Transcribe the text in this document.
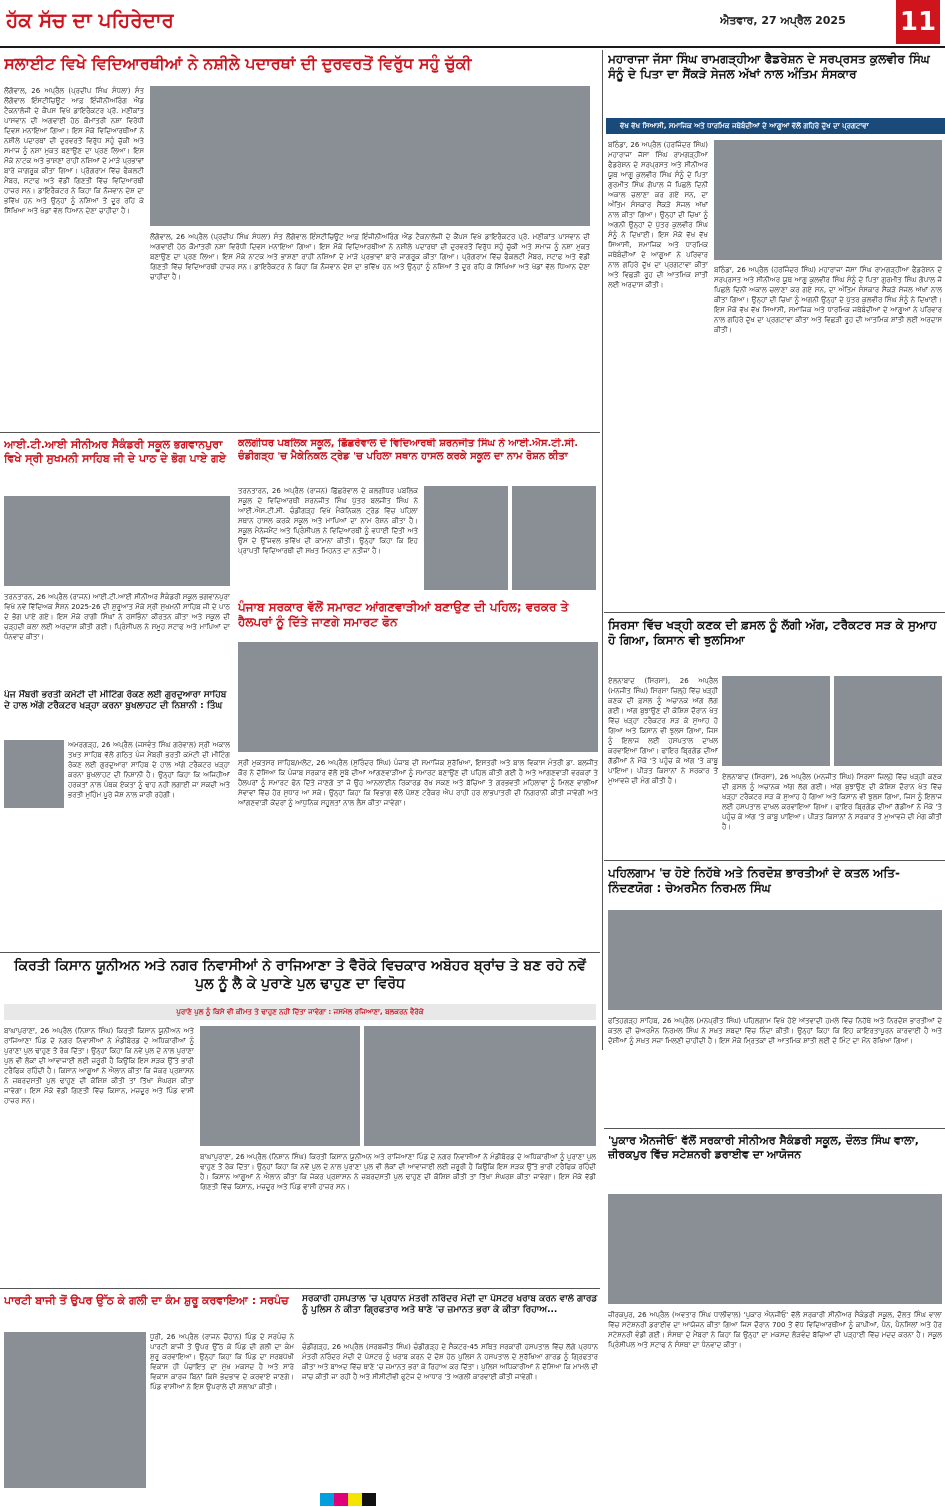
ਹੱਕ ਸੱਚ ਦਾ ਪਹਿਰੇਦਾਰ	ਐਤਵਾਰ, 27 ਅਪ੍ਰੈਲ 2025 11
ਸਲਾਈਟ ਵਿਖੇ ਵਿਦਿਆਰਥੀਆਂ ਨੇ ਨਸ਼ੀਲੇ ਪਦਾਰਥਾਂ ਦੀ ਦੁਰਵਰਤੋਂ ਵਿਰੁੱਧ ਸਹੁੰ ਚੁੱਕੀ
ਲੌਂਗੋਵਾਲ, 26 ਅਪ੍ਰੈਲ (ਪ੍ਰਦੀਪ ਸਿੰਘ ਸੰਧਲਾ) ਸੰਤ ਲੌਂਗੋਵਾਲ ਇੰਸਟੀਚਿਊਟ ਆਫ਼ ਇੰਜੀਨੀਅਰਿੰਗ ਐਂਡ ਟੈਕਨਾਲੋਜੀ ਦੇ ਕੈਂਪਸ ਵਿਖੇ ਡਾਇਰੈਕਟਰ ਪ੍ਰੋ. ਮਣੀਕਾਂਤ ਪਾਸਵਾਨ ਦੀ ਅਗਵਾਈ ਹੇਠ ਕੌਮਾਂਤਰੀ ਨਸ਼ਾ ਵਿਰੋਧੀ ਦਿਵਸ ਮਨਾਇਆ ਗਿਆ। ਇਸ ਮੌਕੇ ਵਿਦਿਆਰਥੀਆਂ ਨੇ ਨਸ਼ੀਲੇ ਪਦਾਰਥਾਂ ਦੀ ਦੁਰਵਰਤੋਂ ਵਿਰੁੱਧ ਸਹੁੰ ਚੁੱਕੀ ਅਤੇ ਸਮਾਜ ਨੂੰ ਨਸ਼ਾ ਮੁਕਤ ਬਣਾਉਣ ਦਾ ਪ੍ਰਣ ਲਿਆ। ਇਸ ਮੌਕੇ ਨਾਟਕ ਅਤੇ ਭਾਸ਼ਣਾਂ ਰਾਹੀਂ ਨਸ਼ਿਆਂ ਦੇ ਮਾੜੇ ਪ੍ਰਭਾਵਾਂ ਬਾਰੇ ਜਾਗਰੂਕ ਕੀਤਾ ਗਿਆ। ਪ੍ਰੋਗਰਾਮ ਵਿੱਚ ਫੈਕਲਟੀ ਮੈਂਬਰ, ਸਟਾਫ ਅਤੇ ਵੱਡੀ ਗਿਣਤੀ ਵਿੱਚ ਵਿਦਿਆਰਥੀ ਹਾਜ਼ਰ ਸਨ। ਡਾਇਰੈਕਟਰ ਨੇ ਕਿਹਾ ਕਿ ਨੌਜਵਾਨ ਦੇਸ਼ ਦਾ ਭਵਿੱਖ ਹਨ ਅਤੇ ਉਨ੍ਹਾਂ ਨੂੰ ਨਸ਼ਿਆਂ ਤੋਂ ਦੂਰ ਰਹਿ ਕੇ ਸਿੱਖਿਆ ਅਤੇ ਖੇਡਾਂ ਵੱਲ ਧਿਆਨ ਦੇਣਾ ਚਾਹੀਦਾ ਹੈ।
ਲੌਂਗੋਵਾਲ, 26 ਅਪ੍ਰੈਲ (ਪ੍ਰਦੀਪ ਸਿੰਘ ਸੰਧਲਾ) ਸੰਤ ਲੌਂਗੋਵਾਲ ਇੰਸਟੀਚਿਊਟ ਆਫ਼ ਇੰਜੀਨੀਅਰਿੰਗ ਐਂਡ ਟੈਕਨਾਲੋਜੀ ਦੇ ਕੈਂਪਸ ਵਿਖੇ ਡਾਇਰੈਕਟਰ ਪ੍ਰੋ. ਮਣੀਕਾਂਤ ਪਾਸਵਾਨ ਦੀ ਅਗਵਾਈ ਹੇਠ ਕੌਮਾਂਤਰੀ ਨਸ਼ਾ ਵਿਰੋਧੀ ਦਿਵਸ ਮਨਾਇਆ ਗਿਆ। ਇਸ ਮੌਕੇ ਵਿਦਿਆਰਥੀਆਂ ਨੇ ਨਸ਼ੀਲੇ ਪਦਾਰਥਾਂ ਦੀ ਦੁਰਵਰਤੋਂ ਵਿਰੁੱਧ ਸਹੁੰ ਚੁੱਕੀ ਅਤੇ ਸਮਾਜ ਨੂੰ ਨਸ਼ਾ ਮੁਕਤ ਬਣਾਉਣ ਦਾ ਪ੍ਰਣ ਲਿਆ। ਇਸ ਮੌਕੇ ਨਾਟਕ ਅਤੇ ਭਾਸ਼ਣਾਂ ਰਾਹੀਂ ਨਸ਼ਿਆਂ ਦੇ ਮਾੜੇ ਪ੍ਰਭਾਵਾਂ ਬਾਰੇ ਜਾਗਰੂਕ ਕੀਤਾ ਗਿਆ। ਪ੍ਰੋਗਰਾਮ ਵਿੱਚ ਫੈਕਲਟੀ ਮੈਂਬਰ, ਸਟਾਫ ਅਤੇ ਵੱਡੀ ਗਿਣਤੀ ਵਿੱਚ ਵਿਦਿਆਰਥੀ ਹਾਜ਼ਰ ਸਨ। ਡਾਇਰੈਕਟਰ ਨੇ ਕਿਹਾ ਕਿ ਨੌਜਵਾਨ ਦੇਸ਼ ਦਾ ਭਵਿੱਖ ਹਨ ਅਤੇ ਉਨ੍ਹਾਂ ਨੂੰ ਨਸ਼ਿਆਂ ਤੋਂ ਦੂਰ ਰਹਿ ਕੇ ਸਿੱਖਿਆ ਅਤੇ ਖੇਡਾਂ ਵੱਲ ਧਿਆਨ ਦੇਣਾ ਚਾਹੀਦਾ ਹੈ।
ਮਹਾਰਾਜਾ ਜੱਸਾ ਸਿੰਘ ਰਾਮਗੜ੍ਹੀਆ ਫੈਡਰੇਸ਼ਨ ਦੇ ਸਰਪ੍ਰਸਤ ਕੁਲਵੀਰ ਸਿੰਘ ਸੰਨੂੰ ਦੇ ਪਿਤਾ ਦਾ ਸੈਂਕੜੇ ਸੇਜਲ ਅੱਖਾਂ ਨਾਲ ਅੰਤਿਮ ਸੰਸਕਾਰ
ਵੱਖ ਵੱਖ ਸਿਆਸੀ, ਸਮਾਜਿਕ ਅਤੇ ਧਾਰਮਿਕ ਜਥੇਬੰਦੀਆਂ ਦੇ ਆਗੂਆਂ ਵੱਲੋਂ ਗਹਿਰੇ ਦੁੱਖ ਦਾ ਪ੍ਰਗਟਾਵਾ
ਬਠਿੰਡਾ, 26 ਅਪ੍ਰੈਲ (ਹਰਜਿੰਦਰ ਸਿੰਘ) ਮਹਾਰਾਜਾ ਜੱਸਾ ਸਿੰਘ ਰਾਮਗੜ੍ਹੀਆ ਫੈਡਰੇਸ਼ਨ ਦੇ ਸਰਪ੍ਰਸਤ ਅਤੇ ਸੀਨੀਅਰ ਯੂਥ ਆਗੂ ਕੁਲਵੀਰ ਸਿੰਘ ਸੰਨੂੰ ਦੇ ਪਿਤਾ ਗੁਰਮੀਤ ਸਿੰਘ ਗੋਪਾਲ ਜੋ ਪਿਛਲੇ ਦਿਨੀਂ ਅਕਾਲ ਚਲਾਣਾ ਕਰ ਗਏ ਸਨ, ਦਾ ਅੰਤਿਮ ਸੰਸਕਾਰ ਸੈਂਕੜੇ ਸੇਜਲ ਅੱਖਾਂ ਨਾਲ ਕੀਤਾ ਗਿਆ। ਉਨ੍ਹਾਂ ਦੀ ਚਿਖਾ ਨੂੰ ਅਗਨੀ ਉਨ੍ਹਾਂ ਦੇ ਪੁੱਤਰ ਕੁਲਵੀਰ ਸਿੰਘ ਸੰਨੂੰ ਨੇ ਦਿਖਾਈ। ਇਸ ਮੌਕੇ ਵੱਖ ਵੱਖ ਸਿਆਸੀ, ਸਮਾਜਿਕ ਅਤੇ ਧਾਰਮਿਕ ਜਥੇਬੰਦੀਆਂ ਦੇ ਆਗੂਆਂ ਨੇ ਪਰਿਵਾਰ ਨਾਲ ਗਹਿਰੇ ਦੁੱਖ ਦਾ ਪ੍ਰਗਟਾਵਾ ਕੀਤਾ ਅਤੇ ਵਿਛੜੀ ਰੂਹ ਦੀ ਆਤਮਿਕ ਸ਼ਾਂਤੀ ਲਈ ਅਰਦਾਸ ਕੀਤੀ।
ਬਠਿੰਡਾ, 26 ਅਪ੍ਰੈਲ (ਹਰਜਿੰਦਰ ਸਿੰਘ) ਮਹਾਰਾਜਾ ਜੱਸਾ ਸਿੰਘ ਰਾਮਗੜ੍ਹੀਆ ਫੈਡਰੇਸ਼ਨ ਦੇ ਸਰਪ੍ਰਸਤ ਅਤੇ ਸੀਨੀਅਰ ਯੂਥ ਆਗੂ ਕੁਲਵੀਰ ਸਿੰਘ ਸੰਨੂੰ ਦੇ ਪਿਤਾ ਗੁਰਮੀਤ ਸਿੰਘ ਗੋਪਾਲ ਜੋ ਪਿਛਲੇ ਦਿਨੀਂ ਅਕਾਲ ਚਲਾਣਾ ਕਰ ਗਏ ਸਨ, ਦਾ ਅੰਤਿਮ ਸੰਸਕਾਰ ਸੈਂਕੜੇ ਸੇਜਲ ਅੱਖਾਂ ਨਾਲ ਕੀਤਾ ਗਿਆ। ਉਨ੍ਹਾਂ ਦੀ ਚਿਖਾ ਨੂੰ ਅਗਨੀ ਉਨ੍ਹਾਂ ਦੇ ਪੁੱਤਰ ਕੁਲਵੀਰ ਸਿੰਘ ਸੰਨੂੰ ਨੇ ਦਿਖਾਈ। ਇਸ ਮੌਕੇ ਵੱਖ ਵੱਖ ਸਿਆਸੀ, ਸਮਾਜਿਕ ਅਤੇ ਧਾਰਮਿਕ ਜਥੇਬੰਦੀਆਂ ਦੇ ਆਗੂਆਂ ਨੇ ਪਰਿਵਾਰ ਨਾਲ ਗਹਿਰੇ ਦੁੱਖ ਦਾ ਪ੍ਰਗਟਾਵਾ ਕੀਤਾ ਅਤੇ ਵਿਛੜੀ ਰੂਹ ਦੀ ਆਤਮਿਕ ਸ਼ਾਂਤੀ ਲਈ ਅਰਦਾਸ ਕੀਤੀ।
ਆਈ.ਟੀ.ਆਈ ਸੀਨੀਅਰ ਸੈਕੰਡਰੀ ਸਕੂਲ ਭਗਵਾਨਪੁਰਾ ਵਿਖੇ ਸ੍ਰੀ ਸੁਖਮਨੀ ਸਾਹਿਬ ਜੀ ਦੇ ਪਾਠ ਦੇ ਭੋਗ ਪਾਏ ਗਏ
ਤਰਨਤਾਰਨ, 26 ਅਪ੍ਰੈਲ (ਰਾਜਨ) ਆਈ.ਟੀ.ਆਈ ਸੀਨੀਅਰ ਸੈਕੰਡਰੀ ਸਕੂਲ ਭਗਵਾਨਪੁਰਾ ਵਿਖੇ ਨਵੇਂ ਵਿੱਦਿਅਕ ਸੈਸ਼ਨ 2025-26 ਦੀ ਸ਼ੁਰੂਆਤ ਮੌਕੇ ਸ੍ਰੀ ਸੁਖਮਨੀ ਸਾਹਿਬ ਜੀ ਦੇ ਪਾਠ ਦੇ ਭੋਗ ਪਾਏ ਗਏ। ਇਸ ਮੌਕੇ ਰਾਗੀ ਸਿੰਘਾਂ ਨੇ ਰਸਭਿੰਨਾ ਕੀਰਤਨ ਕੀਤਾ ਅਤੇ ਸਕੂਲ ਦੀ ਚੜ੍ਹਦੀ ਕਲਾ ਲਈ ਅਰਦਾਸ ਕੀਤੀ ਗਈ। ਪ੍ਰਿੰਸੀਪਲ ਨੇ ਸਮੂਹ ਸਟਾਫ ਅਤੇ ਮਾਪਿਆਂ ਦਾ ਧੰਨਵਾਦ ਕੀਤਾ।
ਕਲਗੀਧਰ ਪਬਲਿਕ ਸਕੂਲ, ਛਿੱਛਰੇਵਾਲ ਦੇ ਵਿਦਿਆਰਥੀ ਸ਼ਰਨਜੀਤ ਸਿੰਘ ਨੇ ਆਈ.ਐਸ.ਟੀ.ਸੀ. ਚੰਡੀਗੜ੍ਹ 'ਚ ਮੈਕੇਨਿਕਲ ਟ੍ਰੇਡ 'ਚ ਪਹਿਲਾ ਸਥਾਨ ਹਾਸਲ ਕਰਕੇ ਸਕੂਲ ਦਾ ਨਾਮ ਰੋਸ਼ਨ ਕੀਤਾ
ਤਰਨਤਾਰਨ, 26 ਅਪ੍ਰੈਲ (ਰਾਜਨ) ਛਿੱਛਰੇਵਾਲ ਦੇ ਕਲਗੀਧਰ ਪਬਲਿਕ ਸਕੂਲ ਦੇ ਵਿਦਿਆਰਥੀ ਸ਼ਰਨਜੀਤ ਸਿੰਘ ਪੁੱਤਰ ਬਲਜੀਤ ਸਿੰਘ ਨੇ ਆਈ.ਐਸ.ਟੀ.ਸੀ. ਚੰਡੀਗੜ੍ਹ ਵਿਖੇ ਮੈਕੇਨਿਕਲ ਟ੍ਰੇਡ ਵਿੱਚ ਪਹਿਲਾ ਸਥਾਨ ਹਾਸਲ ਕਰਕੇ ਸਕੂਲ ਅਤੇ ਮਾਪਿਆਂ ਦਾ ਨਾਮ ਰੋਸ਼ਨ ਕੀਤਾ ਹੈ। ਸਕੂਲ ਮੈਨੇਜਮੈਂਟ ਅਤੇ ਪ੍ਰਿੰਸੀਪਲ ਨੇ ਵਿਦਿਆਰਥੀ ਨੂੰ ਵਧਾਈ ਦਿੱਤੀ ਅਤੇ ਉਸ ਦੇ ਉੱਜਵਲ ਭਵਿੱਖ ਦੀ ਕਾਮਨਾ ਕੀਤੀ। ਉਨ੍ਹਾਂ ਕਿਹਾ ਕਿ ਇਹ ਪ੍ਰਾਪਤੀ ਵਿਦਿਆਰਥੀ ਦੀ ਸਖ਼ਤ ਮਿਹਨਤ ਦਾ ਨਤੀਜਾ ਹੈ।
ਪੰਜਾਬ ਸਰਕਾਰ ਵੱਲੋਂ ਸਮਾਰਟ ਆਂਗਣਵਾੜੀਆਂ ਬਣਾਉਣ ਦੀ ਪਹਿਲ; ਵਰਕਰ ਤੇ ਹੈਲਪਰਾਂ ਨੂੰ ਦਿੱਤੇ ਜਾਣਗੇ ਸਮਾਰਟ ਫੋਨ
ਸ੍ਰੀ ਮੁਕਤਸਰ ਸਾਹਿਬ/ਮਲੋਟ, 26 ਅਪ੍ਰੈਲ (ਸੁਰਿੰਦਰ ਸਿੰਘ) ਪੰਜਾਬ ਦੀ ਸਮਾਜਿਕ ਸੁਰੱਖਿਆ, ਇਸਤਰੀ ਅਤੇ ਬਾਲ ਵਿਕਾਸ ਮੰਤਰੀ ਡਾ. ਬਲਜੀਤ ਕੌਰ ਨੇ ਦੱਸਿਆ ਕਿ ਪੰਜਾਬ ਸਰਕਾਰ ਵੱਲੋਂ ਸੂਬੇ ਦੀਆਂ ਆਂਗਣਵਾੜੀਆਂ ਨੂੰ ਸਮਾਰਟ ਬਣਾਉਣ ਦੀ ਪਹਿਲ ਕੀਤੀ ਗਈ ਹੈ ਅਤੇ ਆਂਗਣਵਾੜੀ ਵਰਕਰਾਂ ਤੇ ਹੈਲਪਰਾਂ ਨੂੰ ਸਮਾਰਟ ਫੋਨ ਦਿੱਤੇ ਜਾਣਗੇ ਤਾਂ ਜੋ ਉਹ ਆਨਲਾਈਨ ਰਿਕਾਰਡ ਰੱਖ ਸਕਣ ਅਤੇ ਬੱਚਿਆਂ ਤੇ ਗਰਭਵਤੀ ਮਹਿਲਾਵਾਂ ਨੂੰ ਮਿਲਣ ਵਾਲੀਆਂ ਸੇਵਾਵਾਂ ਵਿੱਚ ਹੋਰ ਸੁਧਾਰ ਆ ਸਕੇ। ਉਨ੍ਹਾਂ ਕਿਹਾ ਕਿ ਵਿਭਾਗ ਵੱਲੋਂ ਪੋਸ਼ਣ ਟਰੈਕਰ ਐਪ ਰਾਹੀਂ ਹਰ ਲਾਭਪਾਤਰੀ ਦੀ ਨਿਗਰਾਨੀ ਕੀਤੀ ਜਾਵੇਗੀ ਅਤੇ ਆਂਗਣਵਾੜੀ ਕੇਂਦਰਾਂ ਨੂੰ ਆਧੁਨਿਕ ਸਹੂਲਤਾਂ ਨਾਲ ਲੈਸ ਕੀਤਾ ਜਾਵੇਗਾ।
ਪੰਜ ਮੈਂਬਰੀ ਭਰਤੀ ਕਮੇਟੀ ਦੀ ਮੀਟਿੰਗ ਰੋਕਣ ਲਈ ਗੁਰਦੁਆਰਾ ਸਾਹਿਬ ਦੇ ਹਾਲ ਅੱਗੇ ਟਰੈਕਟਰ ਖੜ੍ਹਾ ਕਰਨਾ ਬੁਖਲਾਹਟ ਦੀ ਨਿਸ਼ਾਨੀ : ਤਿੰਘ
ਅਮਰਗੜ੍ਹ, 26 ਅਪ੍ਰੈਲ (ਜਸਵੰਤ ਸਿੰਘ ਗਰੇਵਾਲ) ਸ੍ਰੀ ਅਕਾਲ ਤਖ਼ਤ ਸਾਹਿਬ ਵੱਲੋਂ ਗਠਿਤ ਪੰਜ ਮੈਂਬਰੀ ਭਰਤੀ ਕਮੇਟੀ ਦੀ ਮੀਟਿੰਗ ਰੋਕਣ ਲਈ ਗੁਰਦੁਆਰਾ ਸਾਹਿਬ ਦੇ ਹਾਲ ਅੱਗੇ ਟਰੈਕਟਰ ਖੜ੍ਹਾ ਕਰਨਾ ਬੁਖਲਾਹਟ ਦੀ ਨਿਸ਼ਾਨੀ ਹੈ। ਉਨ੍ਹਾਂ ਕਿਹਾ ਕਿ ਅਜਿਹੀਆਂ ਹਰਕਤਾਂ ਨਾਲ ਪੰਥਕ ਏਕਤਾ ਨੂੰ ਢਾਹ ਨਹੀਂ ਲਗਾਈ ਜਾ ਸਕਦੀ ਅਤੇ ਭਰਤੀ ਮੁਹਿੰਮ ਪੂਰੇ ਜੋਸ਼ ਨਾਲ ਜਾਰੀ ਰਹੇਗੀ।
ਸਿਰਸਾ ਵਿੱਚ ਖੜ੍ਹੀ ਕਣਕ ਦੀ ਫ਼ਸਲ ਨੂੰ ਲੱਗੀ ਅੱਗ, ਟਰੈਕਟਰ ਸੜ ਕੇ ਸੁਆਹ ਹੋ ਗਿਆ, ਕਿਸਾਨ ਵੀ ਝੁਲਸਿਆ
ਏਲਨਾਬਾਦ (ਸਿਰਸਾ), 26 ਅਪ੍ਰੈਲ (ਮਨਜੀਤ ਸਿੰਘ) ਸਿਰਸਾ ਜ਼ਿਲ੍ਹੇ ਵਿੱਚ ਖੜ੍ਹੀ ਕਣਕ ਦੀ ਫ਼ਸਲ ਨੂੰ ਅਚਾਨਕ ਅੱਗ ਲੱਗ ਗਈ। ਅੱਗ ਬੁਝਾਉਣ ਦੀ ਕੋਸ਼ਿਸ਼ ਦੌਰਾਨ ਖੇਤ ਵਿੱਚ ਖੜ੍ਹਾ ਟਰੈਕਟਰ ਸੜ ਕੇ ਸੁਆਹ ਹੋ ਗਿਆ ਅਤੇ ਕਿਸਾਨ ਵੀ ਝੁਲਸ ਗਿਆ, ਜਿਸ ਨੂੰ ਇਲਾਜ ਲਈ ਹਸਪਤਾਲ ਦਾਖਲ ਕਰਵਾਇਆ ਗਿਆ। ਫਾਇਰ ਬ੍ਰਿਗੇਡ ਦੀਆਂ ਗੱਡੀਆਂ ਨੇ ਮੌਕੇ 'ਤੇ ਪਹੁੰਚ ਕੇ ਅੱਗ 'ਤੇ ਕਾਬੂ ਪਾਇਆ। ਪੀੜਤ ਕਿਸਾਨਾਂ ਨੇ ਸਰਕਾਰ ਤੋਂ ਮੁਆਵਜ਼ੇ ਦੀ ਮੰਗ ਕੀਤੀ ਹੈ।	ਏਲਨਾਬਾਦ (ਸਿਰਸਾ), 26 ਅਪ੍ਰੈਲ (ਮਨਜੀਤ ਸਿੰਘ) ਸਿਰਸਾ ਜ਼ਿਲ੍ਹੇ ਵਿੱਚ ਖੜ੍ਹੀ ਕਣਕ ਦੀ ਫ਼ਸਲ ਨੂੰ ਅਚਾਨਕ ਅੱਗ ਲੱਗ ਗਈ। ਅੱਗ ਬੁਝਾਉਣ ਦੀ ਕੋਸ਼ਿਸ਼ ਦੌਰਾਨ ਖੇਤ ਵਿੱਚ ਖੜ੍ਹਾ ਟਰੈਕਟਰ ਸੜ ਕੇ ਸੁਆਹ ਹੋ ਗਿਆ ਅਤੇ ਕਿਸਾਨ ਵੀ ਝੁਲਸ ਗਿਆ, ਜਿਸ ਨੂੰ ਇਲਾਜ ਲਈ ਹਸਪਤਾਲ ਦਾਖਲ ਕਰਵਾਇਆ ਗਿਆ। ਫਾਇਰ ਬ੍ਰਿਗੇਡ ਦੀਆਂ ਗੱਡੀਆਂ ਨੇ ਮੌਕੇ 'ਤੇ ਪਹੁੰਚ ਕੇ ਅੱਗ 'ਤੇ ਕਾਬੂ ਪਾਇਆ। ਪੀੜਤ ਕਿਸਾਨਾਂ ਨੇ ਸਰਕਾਰ ਤੋਂ ਮੁਆਵਜ਼ੇ ਦੀ ਮੰਗ ਕੀਤੀ ਹੈ।
ਪਹਿਲਗਾਮ 'ਚ ਹੋਏ ਨਿਹੱਥੇ ਅਤੇ ਨਿਰਦੋਸ਼ ਭਾਰਤੀਆਂ ਦੇ ਕਤਲ ਅਤਿ-ਨਿੰਦਣਯੋਗ : ਚੇਅਰਮੈਨ ਨਿਰਮਲ ਸਿੰਘ
ਫਤਿਹਗੜ੍ਹ ਸਾਹਿਬ, 26 ਅਪ੍ਰੈਲ (ਮਨਪ੍ਰੀਤ ਸਿੰਘ) ਪਹਿਲਗਾਮ ਵਿਖੇ ਹੋਏ ਅੱਤਵਾਦੀ ਹਮਲੇ ਵਿੱਚ ਨਿਹੱਥੇ ਅਤੇ ਨਿਰਦੋਸ਼ ਭਾਰਤੀਆਂ ਦੇ ਕਤਲ ਦੀ ਚੇਅਰਮੈਨ ਨਿਰਮਲ ਸਿੰਘ ਨੇ ਸਖ਼ਤ ਸ਼ਬਦਾਂ ਵਿੱਚ ਨਿੰਦਾ ਕੀਤੀ। ਉਨ੍ਹਾਂ ਕਿਹਾ ਕਿ ਇਹ ਕਾਇਰਤਾਪੂਰਨ ਕਾਰਵਾਈ ਹੈ ਅਤੇ ਦੋਸ਼ੀਆਂ ਨੂੰ ਸਖ਼ਤ ਸਜ਼ਾ ਮਿਲਣੀ ਚਾਹੀਦੀ ਹੈ। ਇਸ ਮੌਕੇ ਮ੍ਰਿਤਕਾਂ ਦੀ ਆਤਮਿਕ ਸ਼ਾਂਤੀ ਲਈ ਦੋ ਮਿੰਟ ਦਾ ਮੌਨ ਰੱਖਿਆ ਗਿਆ।
ਕਿਰਤੀ ਕਿਸਾਨ ਯੂਨੀਅਨ ਅਤੇ ਨਗਰ ਨਿਵਾਸੀਆਂ ਨੇ ਰਾਜਿਆਣਾ ਤੇ ਵੈਰੋਕੇ ਵਿਚਕਾਰ ਅਬੋਹਰ ਬ੍ਰਾਂਚ ਤੇ ਬਣ ਰਹੇ ਨਵੇਂ ਪੁਲ ਨੂੰ ਲੈ ਕੇ ਪੁਰਾਣੇ ਪੁਲ ਢਾਹੁਣ ਦਾ ਵਿਰੋਧ
ਪੁਰਾਣੇ ਪੁਲ ਨੂੰ ਕਿਸੇ ਵੀ ਕੀਮਤ ਤੇ ਢਾਹੁਣ ਨਹੀਂ ਦਿੱਤਾ ਜਾਵੇਗਾ : ਜਸਮੇਲ ਰਜਿਆਣਾ, ਬਲਕਰਨ ਵੈਰੋਕੇ
ਬਾਘਾਪੁਰਾਣਾ, 26 ਅਪ੍ਰੈਲ (ਨਿਸ਼ਾਨ ਸਿੰਘ) ਕਿਰਤੀ ਕਿਸਾਨ ਯੂਨੀਅਨ ਅਤੇ ਰਾਜਿਆਣਾ ਪਿੰਡ ਦੇ ਨਗਰ ਨਿਵਾਸੀਆਂ ਨੇ ਮੰਡੀਬੋਰਡ ਦੇ ਅਧਿਕਾਰੀਆਂ ਨੂੰ ਪੁਰਾਣਾ ਪੁਲ ਢਾਹੁਣ ਤੋਂ ਰੋਕ ਦਿੱਤਾ। ਉਨ੍ਹਾਂ ਕਿਹਾ ਕਿ ਨਵੇਂ ਪੁਲ ਦੇ ਨਾਲ ਪੁਰਾਣਾ ਪੁਲ ਵੀ ਲੋਕਾਂ ਦੀ ਆਵਾਜਾਈ ਲਈ ਜ਼ਰੂਰੀ ਹੈ ਕਿਉਂਕਿ ਇਸ ਸੜਕ ਉੱਤੇ ਭਾਰੀ ਟਰੈਫਿਕ ਰਹਿੰਦੀ ਹੈ। ਕਿਸਾਨ ਆਗੂਆਂ ਨੇ ਐਲਾਨ ਕੀਤਾ ਕਿ ਜੇਕਰ ਪ੍ਰਸ਼ਾਸਨ ਨੇ ਜ਼ਬਰਦਸਤੀ ਪੁਲ ਢਾਹੁਣ ਦੀ ਕੋਸ਼ਿਸ਼ ਕੀਤੀ ਤਾਂ ਤਿੱਖਾ ਸੰਘਰਸ਼ ਕੀਤਾ ਜਾਵੇਗਾ। ਇਸ ਮੌਕੇ ਵੱਡੀ ਗਿਣਤੀ ਵਿੱਚ ਕਿਸਾਨ, ਮਜ਼ਦੂਰ ਅਤੇ ਪਿੰਡ ਵਾਸੀ ਹਾਜ਼ਰ ਸਨ।
ਬਾਘਾਪੁਰਾਣਾ, 26 ਅਪ੍ਰੈਲ (ਨਿਸ਼ਾਨ ਸਿੰਘ) ਕਿਰਤੀ ਕਿਸਾਨ ਯੂਨੀਅਨ ਅਤੇ ਰਾਜਿਆਣਾ ਪਿੰਡ ਦੇ ਨਗਰ ਨਿਵਾਸੀਆਂ ਨੇ ਮੰਡੀਬੋਰਡ ਦੇ ਅਧਿਕਾਰੀਆਂ ਨੂੰ ਪੁਰਾਣਾ ਪੁਲ ਢਾਹੁਣ ਤੋਂ ਰੋਕ ਦਿੱਤਾ। ਉਨ੍ਹਾਂ ਕਿਹਾ ਕਿ ਨਵੇਂ ਪੁਲ ਦੇ ਨਾਲ ਪੁਰਾਣਾ ਪੁਲ ਵੀ ਲੋਕਾਂ ਦੀ ਆਵਾਜਾਈ ਲਈ ਜ਼ਰੂਰੀ ਹੈ ਕਿਉਂਕਿ ਇਸ ਸੜਕ ਉੱਤੇ ਭਾਰੀ ਟਰੈਫਿਕ ਰਹਿੰਦੀ ਹੈ। ਕਿਸਾਨ ਆਗੂਆਂ ਨੇ ਐਲਾਨ ਕੀਤਾ ਕਿ ਜੇਕਰ ਪ੍ਰਸ਼ਾਸਨ ਨੇ ਜ਼ਬਰਦਸਤੀ ਪੁਲ ਢਾਹੁਣ ਦੀ ਕੋਸ਼ਿਸ਼ ਕੀਤੀ ਤਾਂ ਤਿੱਖਾ ਸੰਘਰਸ਼ ਕੀਤਾ ਜਾਵੇਗਾ। ਇਸ ਮੌਕੇ ਵੱਡੀ ਗਿਣਤੀ ਵਿੱਚ ਕਿਸਾਨ, ਮਜ਼ਦੂਰ ਅਤੇ ਪਿੰਡ ਵਾਸੀ ਹਾਜ਼ਰ ਸਨ।
'ਪੁਕਾਰ ਐਨਜੀਓ' ਵੱਲੋਂ ਸਰਕਾਰੀ ਸੀਨੀਅਰ ਸੈਕੰਡਰੀ ਸਕੂਲ, ਦੌਲਤ ਸਿੰਘ ਵਾਲਾ, ਜ਼ੀਰਕਪੁਰ ਵਿੱਚ ਸਟੇਸ਼ਨਰੀ ਡਰਾਈਵ ਦਾ ਆਯੋਜਨ
ਜ਼ੀਰਕਪੁਰ, 26 ਅਪ੍ਰੈਲ (ਅਵਤਾਰ ਸਿੰਘ ਧਾਲੀਵਾਲ) 'ਪੁਕਾਰ ਐਨਜੀਓ' ਵੱਲੋਂ ਸਰਕਾਰੀ ਸੀਨੀਅਰ ਸੈਕੰਡਰੀ ਸਕੂਲ, ਦੌਲਤ ਸਿੰਘ ਵਾਲਾ ਵਿੱਚ ਸਟੇਸ਼ਨਰੀ ਡਰਾਈਵ ਦਾ ਆਯੋਜਨ ਕੀਤਾ ਗਿਆ ਜਿਸ ਦੌਰਾਨ 700 ਤੋਂ ਵੱਧ ਵਿਦਿਆਰਥੀਆਂ ਨੂੰ ਕਾਪੀਆਂ, ਪੈਨ, ਪੈਨਸਿਲਾਂ ਅਤੇ ਹੋਰ ਸਟੇਸ਼ਨਰੀ ਵੰਡੀ ਗਈ। ਸੰਸਥਾ ਦੇ ਮੈਂਬਰਾਂ ਨੇ ਕਿਹਾ ਕਿ ਉਨ੍ਹਾਂ ਦਾ ਮਕਸਦ ਲੋੜਵੰਦ ਬੱਚਿਆਂ ਦੀ ਪੜ੍ਹਾਈ ਵਿੱਚ ਮਦਦ ਕਰਨਾ ਹੈ। ਸਕੂਲ ਪ੍ਰਿੰਸੀਪਲ ਅਤੇ ਸਟਾਫ ਨੇ ਸੰਸਥਾ ਦਾ ਧੰਨਵਾਦ ਕੀਤਾ।
ਪਾਰਟੀ ਬਾਜੀ ਤੋਂ ਉਪਰ ਉੱਠ ਕੇ ਗਲੀ ਦਾ ਕੰਮ ਸ਼ੁਰੂ ਕਰਵਾਇਆ : ਸਰਪੰਚ
ਧੂਰੀ, 26 ਅਪ੍ਰੈਲ (ਰਾਜਨ ਚੌਹਾਨ) ਪਿੰਡ ਦੇ ਸਰਪੰਚ ਨੇ ਪਾਰਟੀ ਬਾਜੀ ਤੋਂ ਉਪਰ ਉੱਠ ਕੇ ਪਿੰਡ ਦੀ ਗਲੀ ਦਾ ਕੰਮ ਸ਼ੁਰੂ ਕਰਵਾਇਆ। ਉਨ੍ਹਾਂ ਕਿਹਾ ਕਿ ਪਿੰਡ ਦਾ ਸਰਬਪੱਖੀ ਵਿਕਾਸ ਹੀ ਪੰਚਾਇਤ ਦਾ ਮੁੱਖ ਮਕਸਦ ਹੈ ਅਤੇ ਸਾਰੇ ਵਿਕਾਸ ਕਾਰਜ ਬਿਨਾਂ ਕਿਸੇ ਭੇਦਭਾਵ ਦੇ ਕਰਵਾਏ ਜਾਣਗੇ। ਪਿੰਡ ਵਾਸੀਆਂ ਨੇ ਇਸ ਉਪਰਾਲੇ ਦੀ ਸ਼ਲਾਘਾ ਕੀਤੀ।
ਸਰਕਾਰੀ ਹਸਪਤਾਲ 'ਚ ਪ੍ਰਧਾਨ ਮੰਤਰੀ ਨਰਿੰਦਰ ਮੋਦੀ ਦਾ ਪੋਸਟਰ ਖਰਾਬ ਕਰਨ ਵਾਲੇ ਗਾਰਡ ਨੂੰ ਪੁਲਿਸ ਨੇ ਕੀਤਾ ਗ੍ਰਿਫਤਾਰ ਅਤੇ ਥਾਣੇ 'ਚ ਜ਼ਮਾਨਤ ਭਰਾ ਕੇ ਕੀਤਾ ਰਿਹਾਅ...
ਚੰਡੀਗੜ੍ਹ, 26 ਅਪ੍ਰੈਲ (ਸਰਬਜੀਤ ਸਿੰਘ) ਚੰਡੀਗੜ੍ਹ ਦੇ ਸੈਕਟਰ-45 ਸਥਿਤ ਸਰਕਾਰੀ ਹਸਪਤਾਲ ਵਿੱਚ ਲੱਗੇ ਪ੍ਰਧਾਨ ਮੰਤਰੀ ਨਰਿੰਦਰ ਮੋਦੀ ਦੇ ਪੋਸਟਰ ਨੂੰ ਖਰਾਬ ਕਰਨ ਦੇ ਦੋਸ਼ ਹੇਠ ਪੁਲਿਸ ਨੇ ਹਸਪਤਾਲ ਦੇ ਸੁਰੱਖਿਆ ਗਾਰਡ ਨੂੰ ਗ੍ਰਿਫਤਾਰ ਕੀਤਾ ਅਤੇ ਬਾਅਦ ਵਿੱਚ ਥਾਣੇ 'ਚ ਜ਼ਮਾਨਤ ਭਰਾ ਕੇ ਰਿਹਾਅ ਕਰ ਦਿੱਤਾ। ਪੁਲਿਸ ਅਧਿਕਾਰੀਆਂ ਨੇ ਦੱਸਿਆ ਕਿ ਮਾਮਲੇ ਦੀ ਜਾਂਚ ਕੀਤੀ ਜਾ ਰਹੀ ਹੈ ਅਤੇ ਸੀਸੀਟੀਵੀ ਫੁਟੇਜ ਦੇ ਆਧਾਰ 'ਤੇ ਅਗਲੀ ਕਾਰਵਾਈ ਕੀਤੀ ਜਾਵੇਗੀ।
